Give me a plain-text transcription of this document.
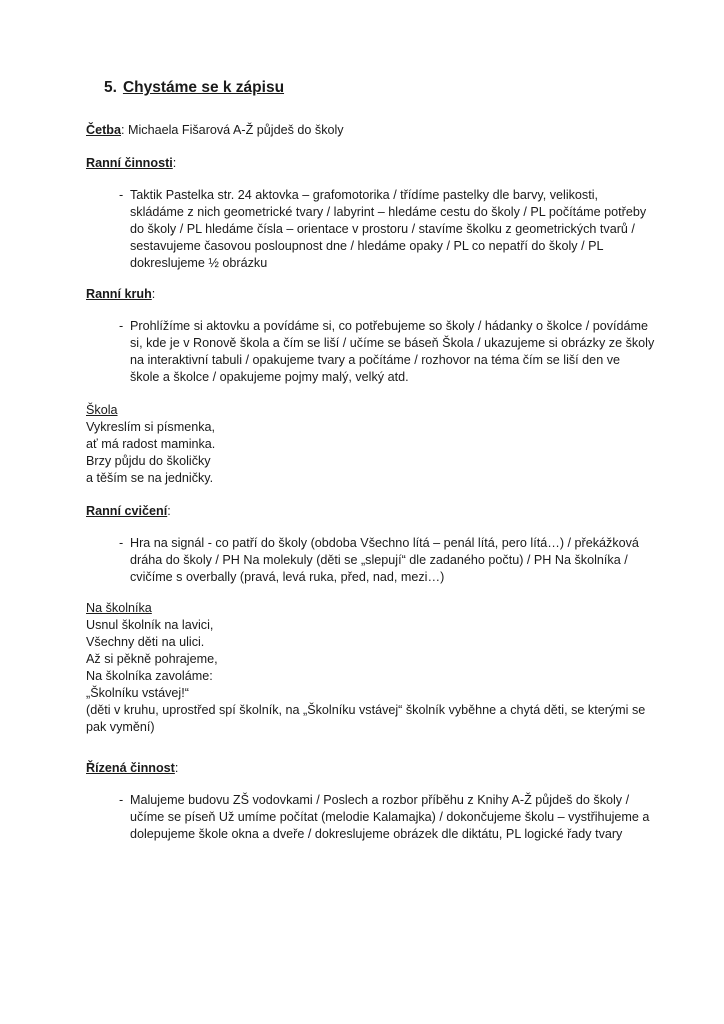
5. Chystáme se k zápisu
Četba: Michaela Fišarová A-Ž půjdeš do školy
Ranní činnosti:
- Taktik Pastelka str. 24 aktovka – grafomotorika / třídíme pastelky dle barvy, velikosti,
skládáme z nich geometrické tvary / labyrint – hledáme cestu do školy / PL počítáme potřeby
do školy / PL hledáme čísla – orientace v prostoru / stavíme školku z geometrických tvarů /
sestavujeme časovou posloupnost dne / hledáme opaky / PL co nepatří do školy / PL
dokreslujeme ½ obrázku
Ranní kruh:
- Prohlížíme si aktovku a povídáme si, co potřebujeme so školy / hádanky o školce / povídáme
si, kde je v Ronově škola a čím se liší / učíme se báseň Škola / ukazujeme si obrázky ze školy
na interaktivní tabuli / opakujeme tvary a počítáme / rozhovor na téma čím se liší den ve
škole a školce / opakujeme pojmy malý, velký atd.
Škola
Vykreslím si písmenka,
ať má radost maminka.
Brzy půjdu do školičky
a těším se na jedničky.
Ranní cvičení:
- Hra na signál - co patří do školy (obdoba Všechno lítá – penál lítá, pero lítá…) / překážková
dráha do školy / PH Na molekuly (děti se „slepují“ dle zadaného počtu) / PH Na školníka /
cvičíme s overbally (pravá, levá ruka, před, nad, mezi…)
Na školníka
Usnul školník na lavici,
Všechny děti na ulici.
Až si pěkně pohrajeme,
Na školníka zavoláme:
„Školníku vstávej!“
(děti v kruhu, uprostřed spí školník, na „Školníku vstávej“ školník vyběhne a chytá děti, se kterými se
pak vymění)
Řízená činnost:
- Malujeme budovu ZŠ vodovkami / Poslech a rozbor příběhu z Knihy A-Ž půjdeš do školy /
učíme se píseň Už umíme počítat (melodie Kalamajka) / dokončujeme školu – vystřihujeme a
dolepujeme škole okna a dveře / dokreslujeme obrázek dle diktátu, PL logické řady tvary
